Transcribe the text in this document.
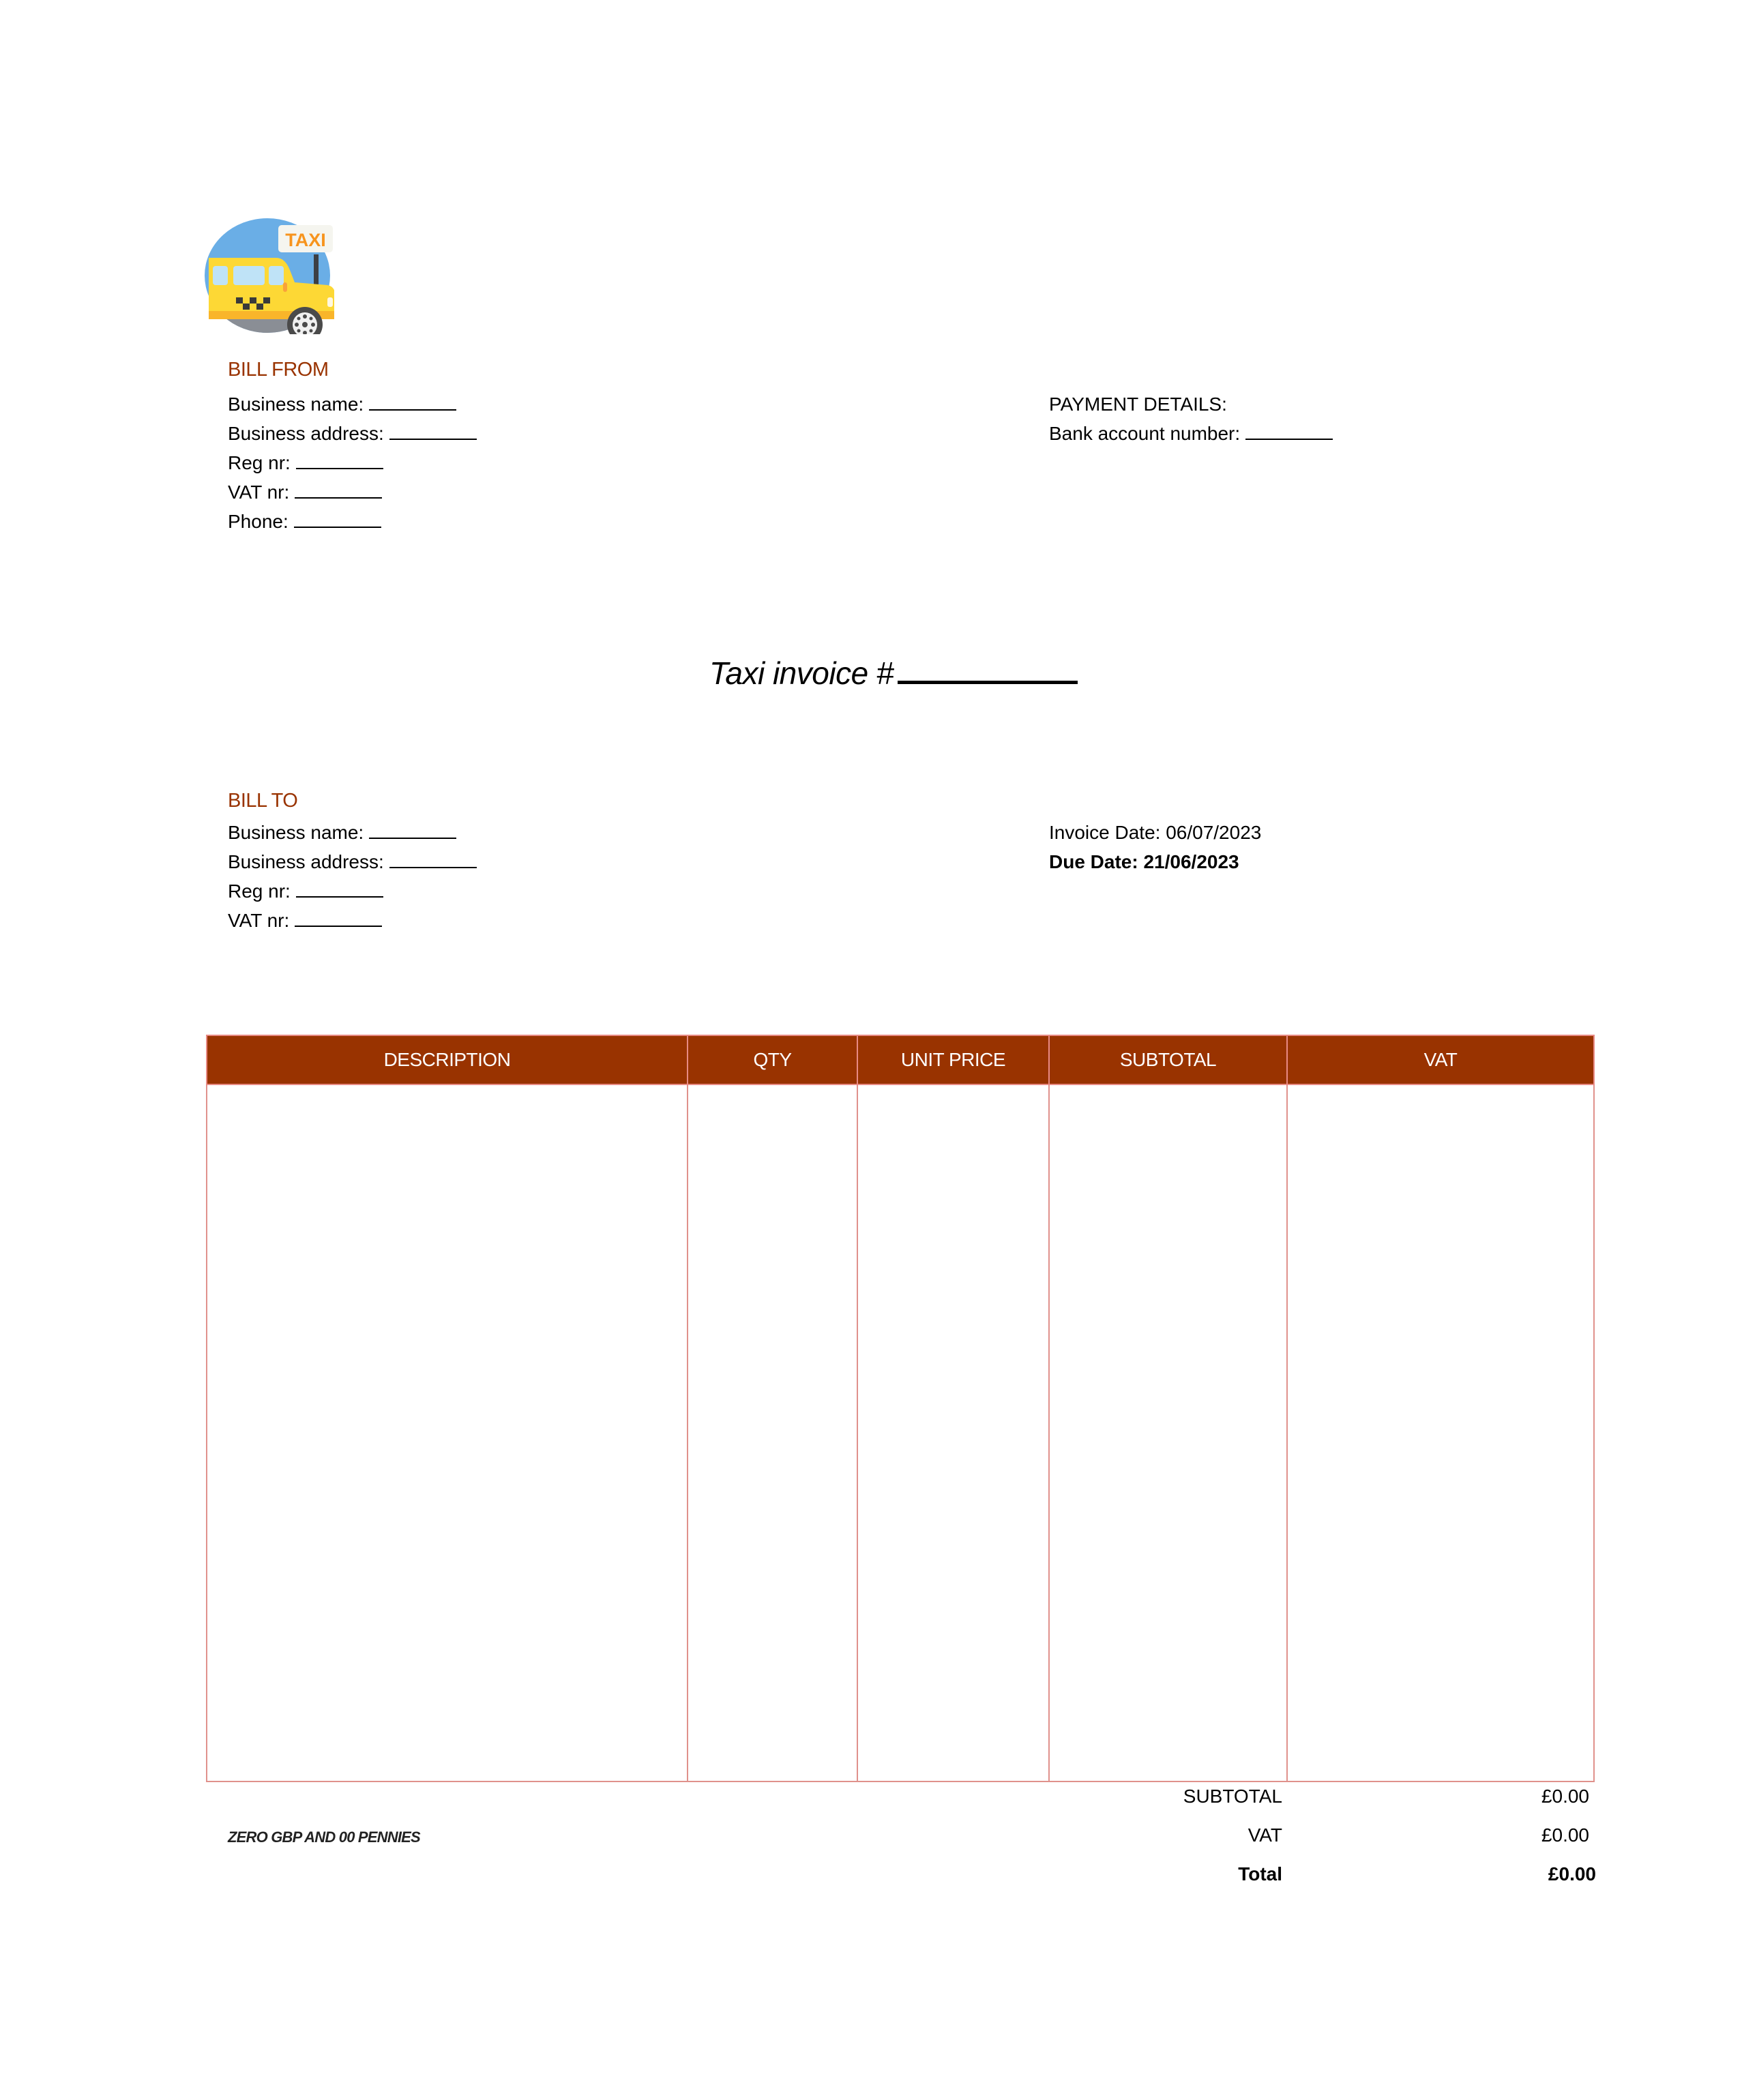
TAXI
BILL FROM
Business name:
Business address:
Reg nr:
VAT nr:
Phone:
PAYMENT DETAILS:
Bank account number:
Taxi invoice #
BILL TO
Business name:
Business address:
Reg nr:
VAT nr:
Invoice Date: 06/07/2023
Due Date: 21/06/2023
DESCRIPTION	QTY	UNIT PRICE	SUBTOTAL	VAT

SUBTOTAL	£0.00
VAT	£0.00
Total	£0.00
ZERO GBP AND 00 PENNIES
